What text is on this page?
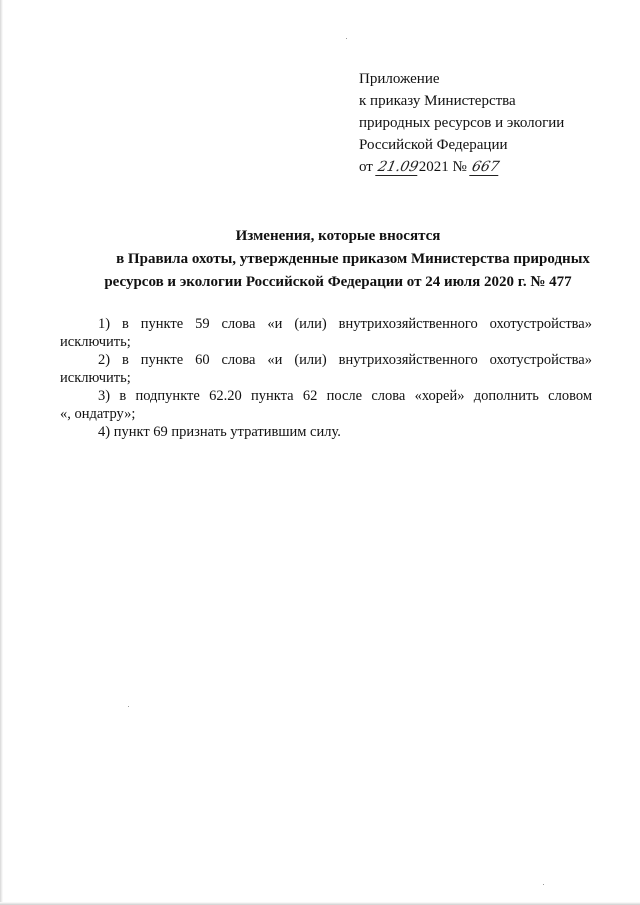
Приложение
к приказу Министерства
природных ресурсов и экологии
Российской Федерации
от 21.092021 № 667
Изменения, которые вносятся
в Правила охоты, утвержденные приказом Министерства природных
ресурсов и экологии Российской Федерации от 24 июля 2020 г. № 477
1) в пункте 59 слова «и (или) внутрихозяйственного охотустройства»
исключить;
2) в пункте 60 слова «и (или) внутрихозяйственного охотустройства»
исключить;
3) в подпункте 62.20 пункта 62 после слова «хорей» дополнить словом
«, ондатру»;
4) пункт 69 признать утратившим силу.
